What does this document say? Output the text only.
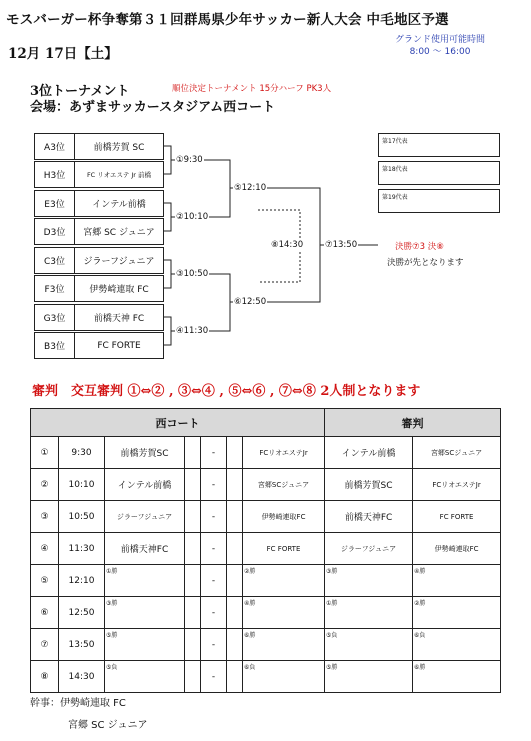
モスバーガー杯争奪第３１回群馬県少年サッカー新人大会 中毛地区予選
12月 17日【土】
グランド使用可能時間
8:00 〜 16:00
3位トーナメント	順位決定トーナメント 15分ハーフ PK3人
会場：あずまサッカースタジアム西コート
A3位	前橋芳賀 SC
H3位	FC リオエステ Jr 前橋
E3位	インテル前橋
D3位	宮郷 SC ジュニア
C3位	ジラーフジュニア
F3位	伊勢崎連取 FC
G3位	前橋天神 FC
B3位	FC FORTE
①9:30
②10:10
③10:50
④11:30
⑤12:10
⑥12:50
⑧14:30	⑦13:50
第17代表
第18代表
第19代表
決勝⑦3 決⑧
決勝が先となります
審判　交互審判 ①⇔② , ③⇔④ , ⑤⇔⑥ , ⑦⇔⑧ 2人制となります
西コート							審判	
①	9:30	前橋芳賀SC		-		FCリオエステJr	インテル前橋	宮郷SCジュニア

②	10:10	インテル前橋		-		宮郷SCジュニア	前橋芳賀SC	FCリオエステJr

③	10:50	ジラーフジュニア		-		伊勢崎連取FC	前橋天神FC	FC FORTE

④	11:30	前橋天神FC		-		FC FORTE	ジラーフジュニア	伊勢崎連取FC

⑤	12:10	①勝		-		②勝	③勝	④勝

⑥	12:50	③勝		-		④勝	①勝	②勝

⑦	13:50	⑤勝		-		⑥勝	⑤負	⑥負

⑧	14:30	⑤負		-		⑥負	⑤勝	⑥勝
幹事：伊勢崎連取 FC
宮郷 SC ジュニア
